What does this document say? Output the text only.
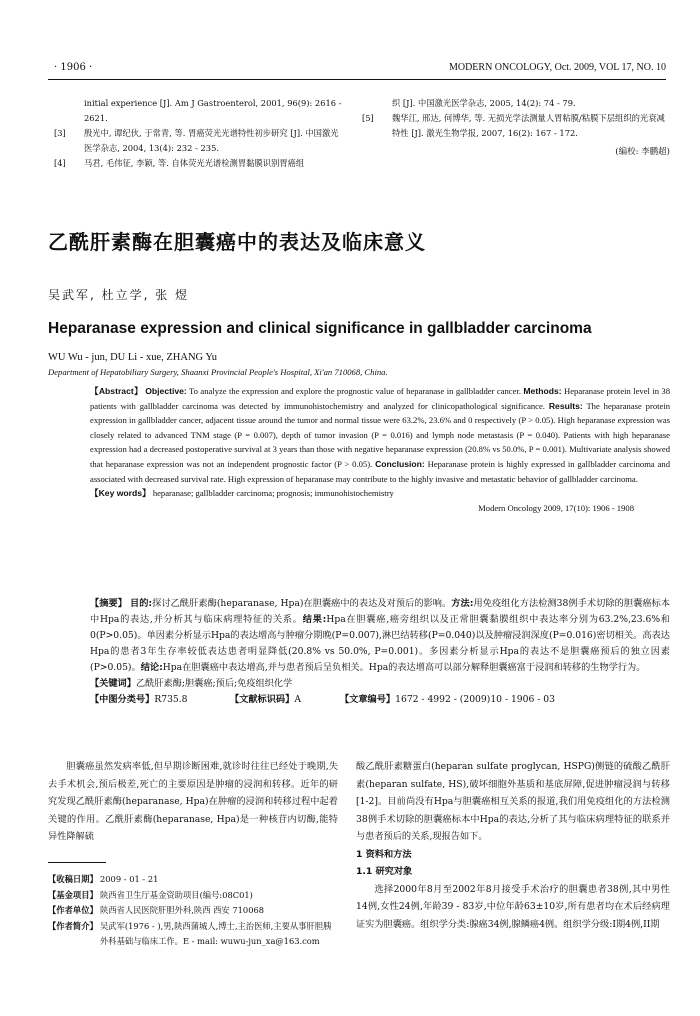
· 1906 ·	MODERN ONCOLOGY, Oct. 2009, VOL 17, NO. 10
initial experience [J]. Am J Gastroenterol, 2001, 96(9): 2616 - 2621.
[3] 殷光中, 谭纪伙, 于常青, 等. 胃癌荧光光谱特性初步研究 [J]. 中国激光医学杂志, 2004, 13(4): 232 - 235.
[4] 马君, 毛伟征, 李颖, 等. 自体荧光光谱检测胃黏膜识别胃癌组
织 [J]. 中国激光医学杂志, 2005, 14(2): 74 - 79.
[5] 魏华江, 邢达, 何博华, 等. 无损光学法测量人胃粘膜/粘膜下层组织的光衰减特性 [J]. 激光生物学报, 2007, 16(2): 167 - 172.
(编校: 李鹏超)
乙酰肝素酶在胆囊癌中的表达及临床意义
吴武军, 杜立学, 张 煜
Heparanase expression and clinical significance in gallbladder carcinoma
WU Wu - jun, DU Li - xue, ZHANG Yu
Department of Hepatobiliary Surgery, Shaanxi Provincial People's Hospital, Xi'an 710068, China.
【Abstract】 Objective: To analyze the expression and explore the prognostic value of heparanase in gallbladder cancer. Methods: Heparanase protein level in 38 patients with gallbladder carcinoma was detected by immunohistochemistry and analyzed for clinicopathological significance. Results: The heparanase protein expression in gallbladder cancer, adjacent tissue around the tumor and normal tissue were 63.2%, 23.6% and 0 respectively (P > 0.05). High heparanase expression was closely related to advanced TNM stage (P = 0.007), depth of tumor invasion (P = 0.016) and lymph node metastasis (P = 0.040). Patients with high heparanase expression had a decreased postoperative survival at 3 years than those with negative heparanase expression (20.8% vs 50.0%, P = 0.001). Multivariate analysis showed that heparanase expression was not an independent prognostic factor (P > 0.05). Conclusion: Heparanase protein is highly expressed in gallbladder carcinoma and associated with decreased survival rate. High expression of heparanase may contribute to the highly invasive and metastatic behavior of gallbladder carcinoma.
【Key words】 heparanase; gallbladder carcinoma; prognosis; immunohistochemistry
Modern Oncology 2009, 17(10): 1906 - 1908
【摘要】 目的:探讨乙酰肝素酶(heparanase, Hpa)在胆囊癌中的表达及对预后的影响。方法:用免疫组化方法检测38例手术切除的胆囊癌标本中Hpa的表达,并分析其与临床病理特征的关系。结果:Hpa在胆囊癌,癌旁组织以及正常胆囊黏膜组织中表达率分别为63.2%,23.6%和0(P>0.05)。单因素分析显示Hpa的表达增高与肿瘤分期晚(P=0.007),淋巴结转移(P=0.040)以及肿瘤浸润深度(P=0.016)密切相关。高表达Hpa的患者3年生存率较低表达患者明显降低(20.8% vs 50.0%, P=0.001)。多因素分析显示Hpa的表达不是胆囊癌预后的独立因素(P>0.05)。结论:Hpa在胆囊癌中表达增高,并与患者预后呈负相关。Hpa的表达增高可以部分解释胆囊癌富于浸润和转移的生物学行为。
【关键词】乙酰肝素酶;胆囊癌;预后;免疫组织化学
【中图分类号】R735.8	【文献标识码】A	【文章编号】1672 - 4992 - (2009)10 - 1906 - 03
胆囊癌虽然发病率低,但早期诊断困难,就诊时往往已经处于晚期,失去手术机会,预后极差,死亡的主要原因是肿瘤的浸润和转移。近年的研究发现乙酰肝素酶(heparanase, Hpa)在肿瘤的浸润和转移过程中起着关键的作用。乙酰肝素酶(heparanase, Hpa)是一种核苷内切酶,能特异性降解硫
【收稿日期】 2009 - 01 - 21
【基金项目】 陕西省卫生厅基金资助项目(编号:08C01)
【作者单位】 陕西省人民医院肝胆外科,陕西 西安 710068
【作者简介】 吴武军(1976 - ),男,陕西蒲城人,博士,主治医师,主要从事肝胆胰外科基础与临床工作。E - mail: wuwu-jun_xa@163.com
酸乙酰肝素糖蛋白(heparan sulfate proglycan, HSPG)侧链的硫酸乙酰肝素(heparan sulfate, HS),破坏细胞外基质和基底屏障,促进肿瘤浸润与转移[1-2]。目前尚没有Hpa与胆囊癌相互关系的报道,我们用免疫组化的方法检测38例手术切除的胆囊癌标本中Hpa的表达,分析了其与临床病理特征的联系并与患者预后的关系,现报告如下。
1 资料和方法
1.1 研究对象
选择2000年8月至2002年8月接受手术治疗的胆囊患者38例,其中男性14例,女性24例,年龄39 - 83岁,中位年龄63±10岁,所有患者均在术后经病理证实为胆囊癌。组织学分类:腺癌34例,腺鳞癌4例。组织学分级:I期4例,II期
